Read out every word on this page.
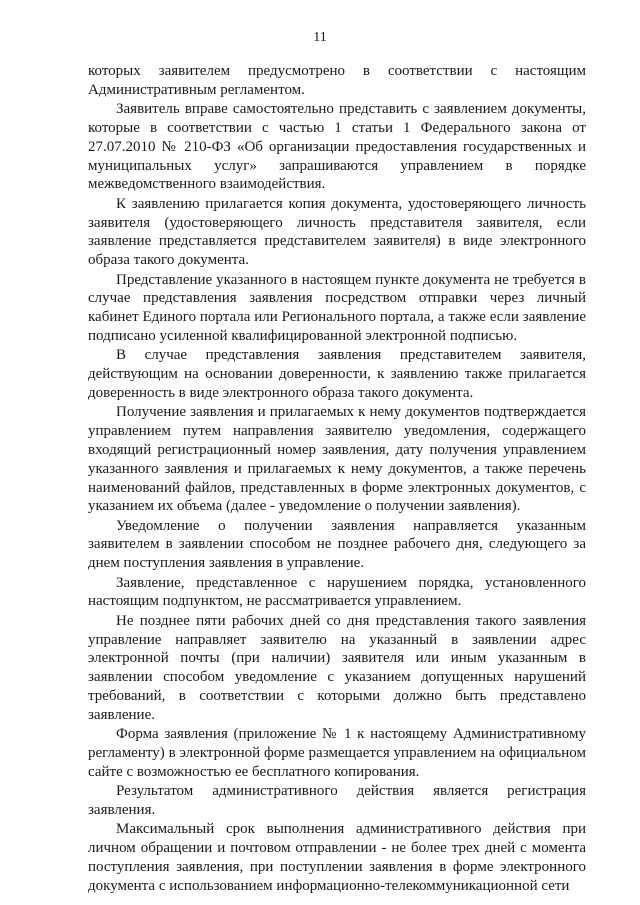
11

которых заявителем предусмотрено в соответствии с настоящим Административным регламентом.

Заявитель вправе самостоятельно представить с заявлением документы, которые в соответствии с частью 1 статьи 1 Федерального закона от 27.07.2010 № 210-ФЗ «Об организации предоставления государственных и муниципальных услуг» запрашиваются управлением в порядке межведомственного взаимодействия.

К заявлению прилагается копия документа, удостоверяющего личность заявителя (удостоверяющего личность представителя заявителя, если заявление представляется представителем заявителя) в виде электронного образа такого документа.

Представление указанного в настоящем пункте документа не требуется в случае представления заявления посредством отправки через личный кабинет Единого портала или Регионального портала, а также если заявление подписано усиленной квалифицированной электронной подписью.

В случае представления заявления представителем заявителя, действующим на основании доверенности, к заявлению также прилагается доверенность в виде электронного образа такого документа.

Получение заявления и прилагаемых к нему документов подтверждается управлением путем направления заявителю уведомления, содержащего входящий регистрационный номер заявления, дату получения управлением указанного заявления и прилагаемых к нему документов, а также перечень наименований файлов, представленных в форме электронных документов, с указанием их объема (далее - уведомление о получении заявления).

Уведомление о получении заявления направляется указанным заявителем в заявлении способом не позднее рабочего дня, следующего за днем поступления заявления в управление.

Заявление, представленное с нарушением порядка, установленного настоящим подпунктом, не рассматривается управлением.

Не позднее пяти рабочих дней со дня представления такого заявления управление направляет заявителю на указанный в заявлении адрес электронной почты (при наличии) заявителя или иным указанным в заявлении способом уведомление с указанием допущенных нарушений требований, в соответствии с которыми должно быть представлено заявление.

Форма заявления (приложение № 1 к настоящему Административному регламенту) в электронной форме размещается управлением на официальном сайте с возможностью ее бесплатного копирования.

Результатом административного действия является регистрация заявления.

Максимальный срок выполнения административного действия при личном обращении и почтовом отправлении - не более трех дней с момента поступления заявления, при поступлении заявления в форме электронного документа с использованием информационно-телекоммуникационной сети
